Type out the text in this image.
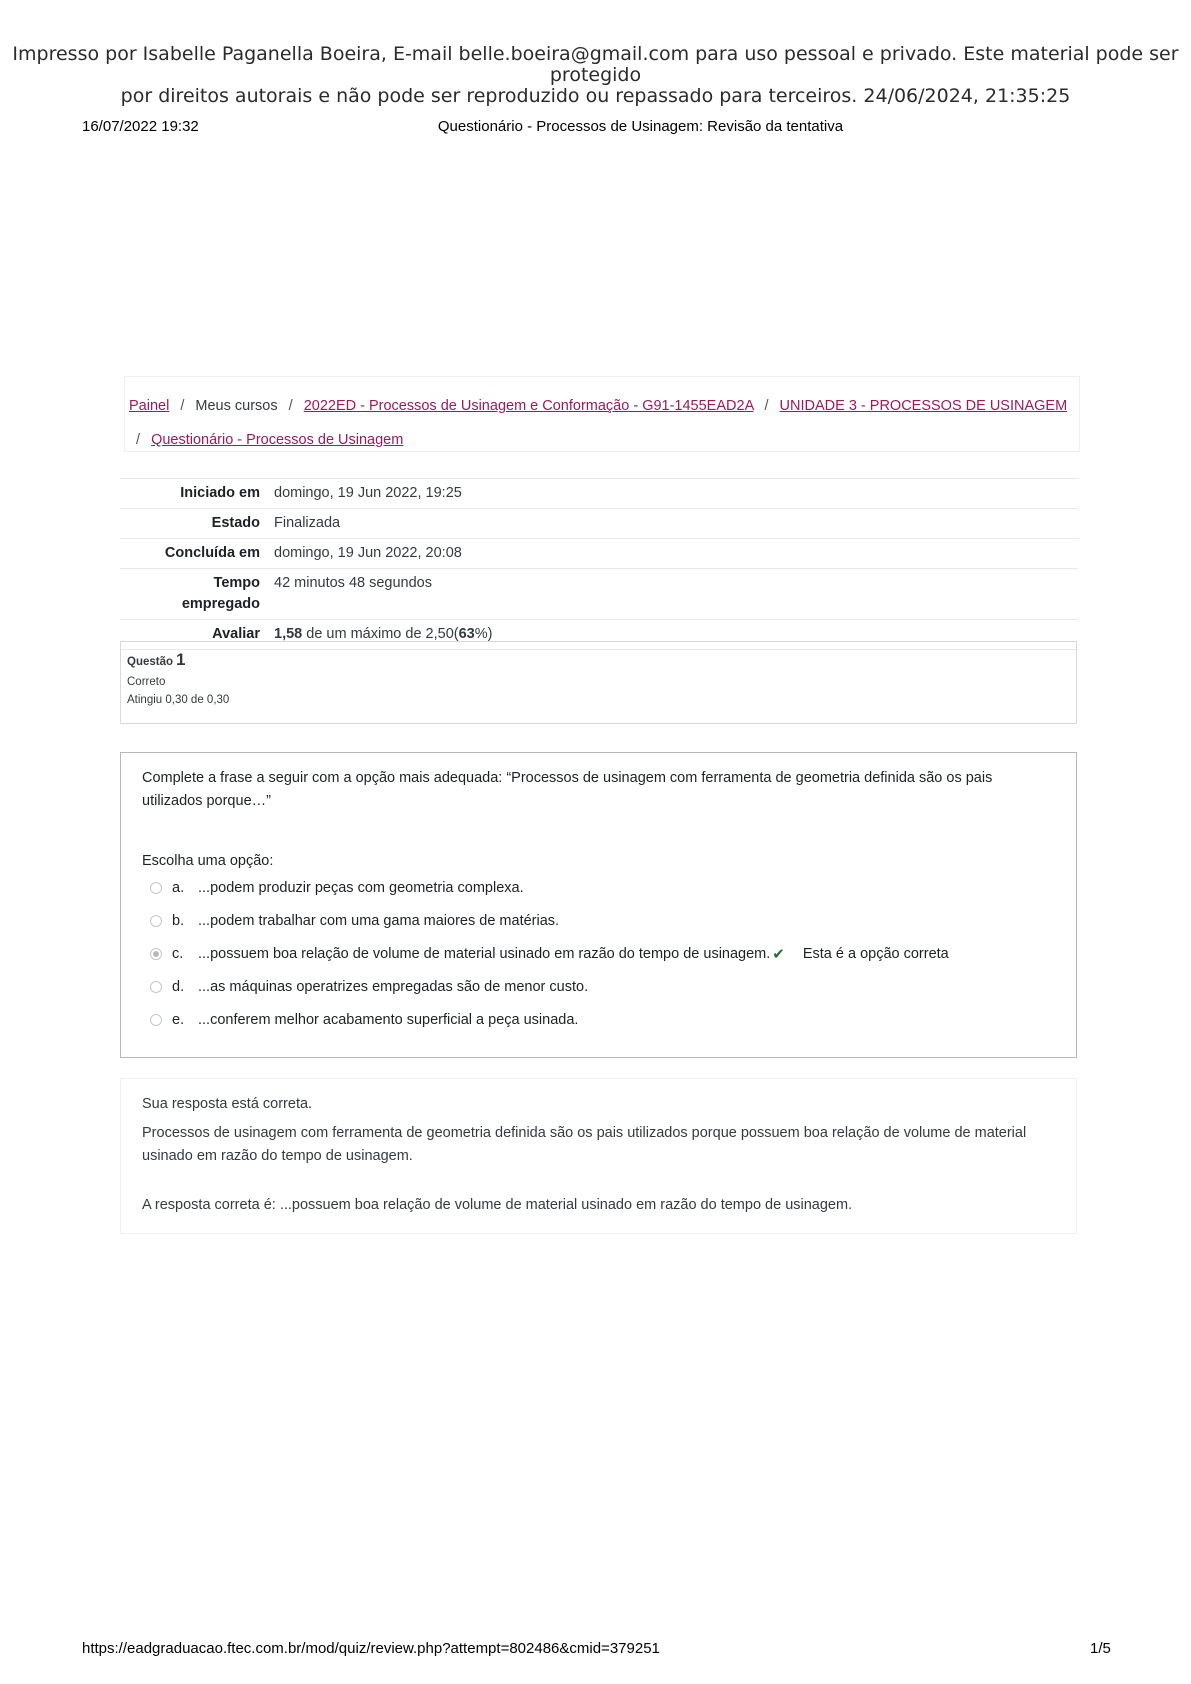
Impresso por Isabelle Paganella Boeira, E-mail belle.boeira@gmail.com para uso pessoal e privado. Este material pode ser protegido
por direitos autorais e não pode ser reproduzido ou repassado para terceiros. 24/06/2024, 21:35:25
16/07/2022 19:32	Questionário - Processos de Usinagem: Revisão da tentativa
Painel / Meus cursos / 2022ED - Processos de Usinagem e Conformação - G91-1455EAD2A / UNIDADE 3 - PROCESSOS DE USINAGEM
/ Questionário - Processos de Usinagem
Iniciado em	domingo, 19 Jun 2022, 19:25
Estado	Finalizada
Concluída em	domingo, 19 Jun 2022, 20:08
Tempo
empregado	42 minutos 48 segundos
Avaliar	1,58 de um máximo de 2,50(63%)
Questão 1
Correto
Atingiu 0,30 de 0,30

Complete a frase a seguir com a opção mais adequada: “Processos de usinagem com ferramenta de geometria definida são os pais utilizados porque…”

Escolha uma opção:
a. ...podem produzir peças com geometria complexa.
b. ...podem trabalhar com uma gama maiores de matérias.
c.	...possuem boa relação de volume de material usinado em razão do tempo de usinagem. ✔ Esta é a opção correta
d. ...as máquinas operatrizes empregadas são de menor custo.
e. ...conferem melhor acabamento superficial a peça usinada.

Sua resposta está correta.

Processos de usinagem com ferramenta de geometria definida são os pais utilizados porque possuem boa relação de volume de material usinado em razão do tempo de usinagem.

A resposta correta é: ...possuem boa relação de volume de material usinado em razão do tempo de usinagem.

https://eadgraduacao.ftec.com.br/mod/quiz/review.php?attempt=802486&cmid=379251	1/5
